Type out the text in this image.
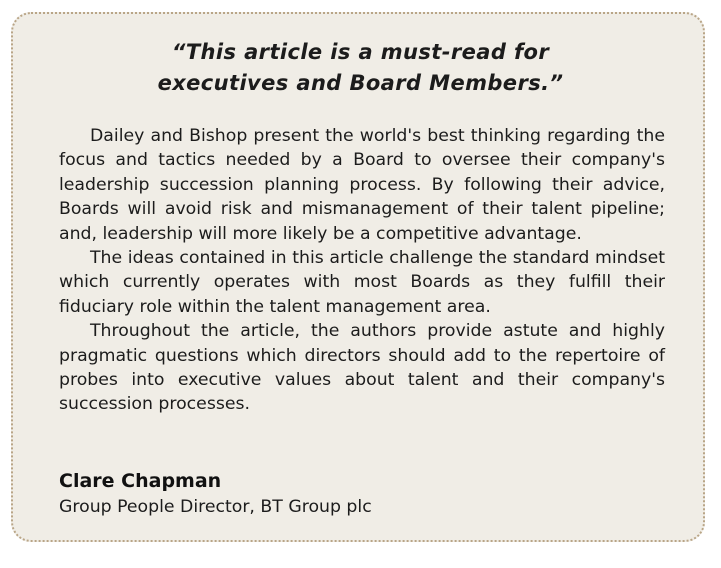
“This article is a must-read for
executives and Board Members.”

Dailey and Bishop present the world's best thinking regarding the focus and tactics needed by a Board to oversee their company's leadership succession planning process. By following their advice, Boards will avoid risk and mismanagement of their talent pipeline; and, leadership will more likely be a competitive advantage.

The ideas contained in this article challenge the standard mindset which currently operates with most Boards as they fulfill their fiduciary role within the talent management area.

Throughout the article, the authors provide astute and highly pragmatic questions which directors should add to the repertoire of probes into executive values about talent and their company's succession processes.

Clare Chapman
Group People Director, BT Group plc
